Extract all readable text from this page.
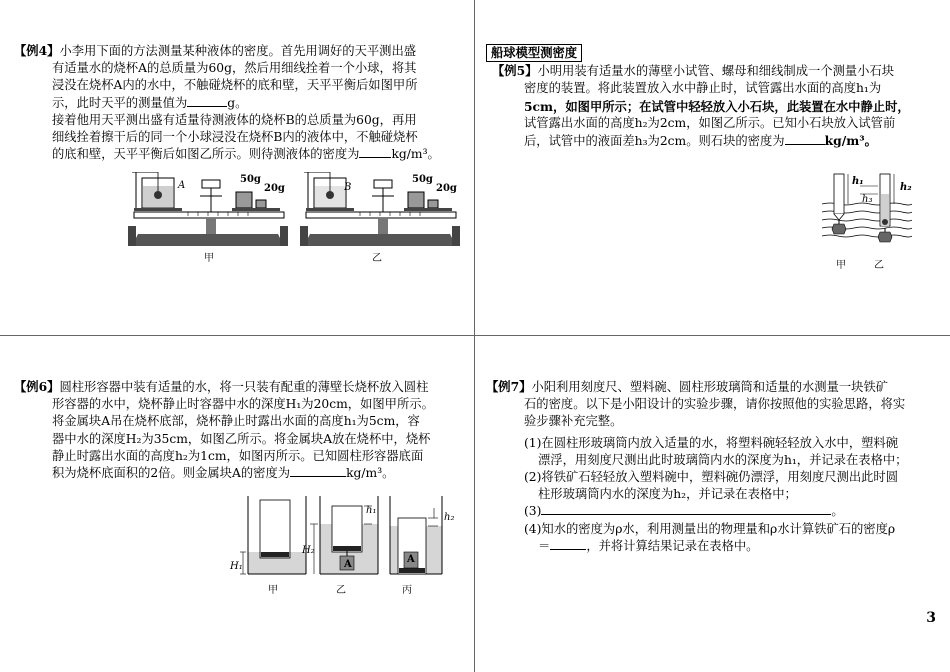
【例4】小李用下面的方法测量某种液体的密度。首先用调好的天平测出盛

有适量水的烧杯A的总质量为60g，然后用细线拴着一个小球，将其

浸没在烧杯A内的水中，不触碰烧杯的底和壁，天平平衡后如图甲所

示，此时天平的测量值为	g。

接着他用天平测出盛有适量待测液体的烧杯B的总质量为60g，再用

细线拴着擦干后的同一个小球浸没在烧杯B内的液体中，不触碰烧杯

的底和壁，天平平衡后如图乙所示。则待测液体的密度为	kg/m³。

A
50g
20g
甲
B
50g
20g
乙

船球模型测密度

【例5】小明用装有适量水的薄壁小试管、螺母和细线制成一个测量小石块

密度的装置。将此装置放入水中静止时，试管露出水面的高度h₁为

5cm，如图甲所示；在试管中轻轻放入小石块，此装置在水中静止时，

试管露出水面的高度h₂为2cm，如图乙所示。已知小石块放入试管前

后，试管中的液面差h₃为2cm。则石块的密度为	kg/m³。

h₁
h₂
h₃
甲	乙

【例6】圆柱形容器中装有适量的水，将一只装有配重的薄壁长烧杯放入圆柱

形容器的水中，烧杯静止时容器中水的深度H₁为20cm，如图甲所示。

将金属块A吊在烧杯底部，烧杯静止时露出水面的高度h₁为5cm，容

器中水的深度H₂为35cm，如图乙所示。将金属块A放在烧杯中，烧杯

静止时露出水面的高度h₂为1cm，如图丙所示。已知圆柱形容器底面

积为烧杯底面积的2倍。则金属块A的密度为	kg/m³。

H₁
甲
H₂
h₁
A
乙
h₂
A
丙

【例7】小阳利用刻度尺、塑料碗、圆柱形玻璃筒和适量的水测量一块铁矿

石的密度。以下是小阳设计的实验步骤，请你按照他的实验思路，将实

验步骤补充完整。

(1)在圆柱形玻璃筒内放入适量的水，将塑料碗轻轻放入水中，塑料碗

漂浮，用刻度尺测出此时玻璃筒内水的深度为h₁，并记录在表格中；

(2)将铁矿石轻轻放入塑料碗中，塑料碗仍漂浮，用刻度尺测出此时圆

柱形玻璃筒内水的深度为h₂，并记录在表格中；

(3)	。

(4)知水的密度为ρ水，利用测量出的物理量和ρ水计算铁矿石的密度ρ

＝	，并将计算结果记录在表格中。

3
